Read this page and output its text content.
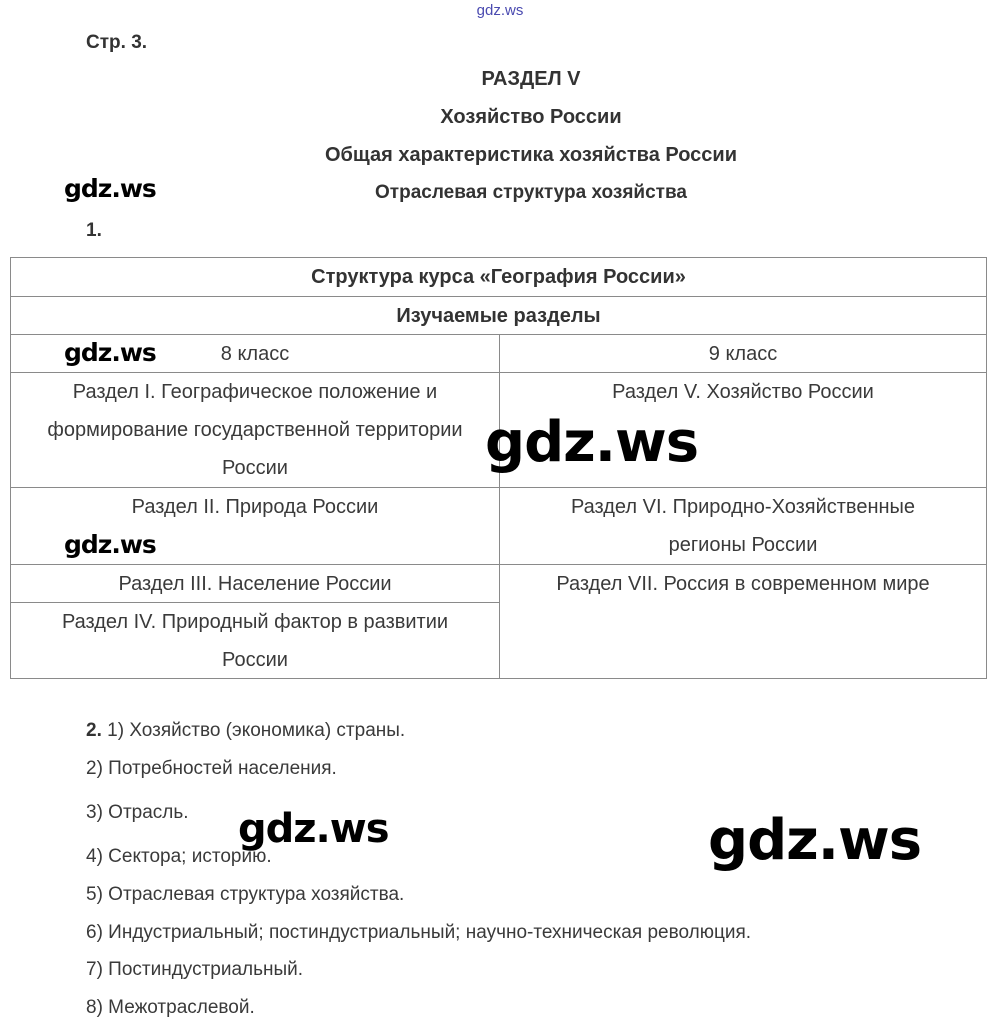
gdz.ws
Стр. 3.
РАЗДЕЛ V
Хозяйство России
Общая характеристика хозяйства России
Отраслевая структура хозяйства
gdz.ws
1.
Структура курса «География России»
Изучаемые разделы
8 класс
Раздел I. Географическое положение и формирование государственной территории России
Раздел II. Природа России
Раздел III. Население России
Раздел IV. Природный фактор в развитии России
9 класс
Раздел V. Хозяйство России
Раздел VI. Природно-Хозяйственные регионы России
Раздел VII. Россия в современном мире
gdz.ws
gdz.ws
gdz.ws
2. 1) Хозяйство (экономика) страны.
2) Потребностей населения.
3) Отрасль.
4) Сектора; историю.
5) Отраслевая структура хозяйства.
6) Индустриальный; постиндустриальный; научно-техническая революция.
7) Постиндустриальный.
8) Межотраслевой.
gdz.ws	gdz.ws
